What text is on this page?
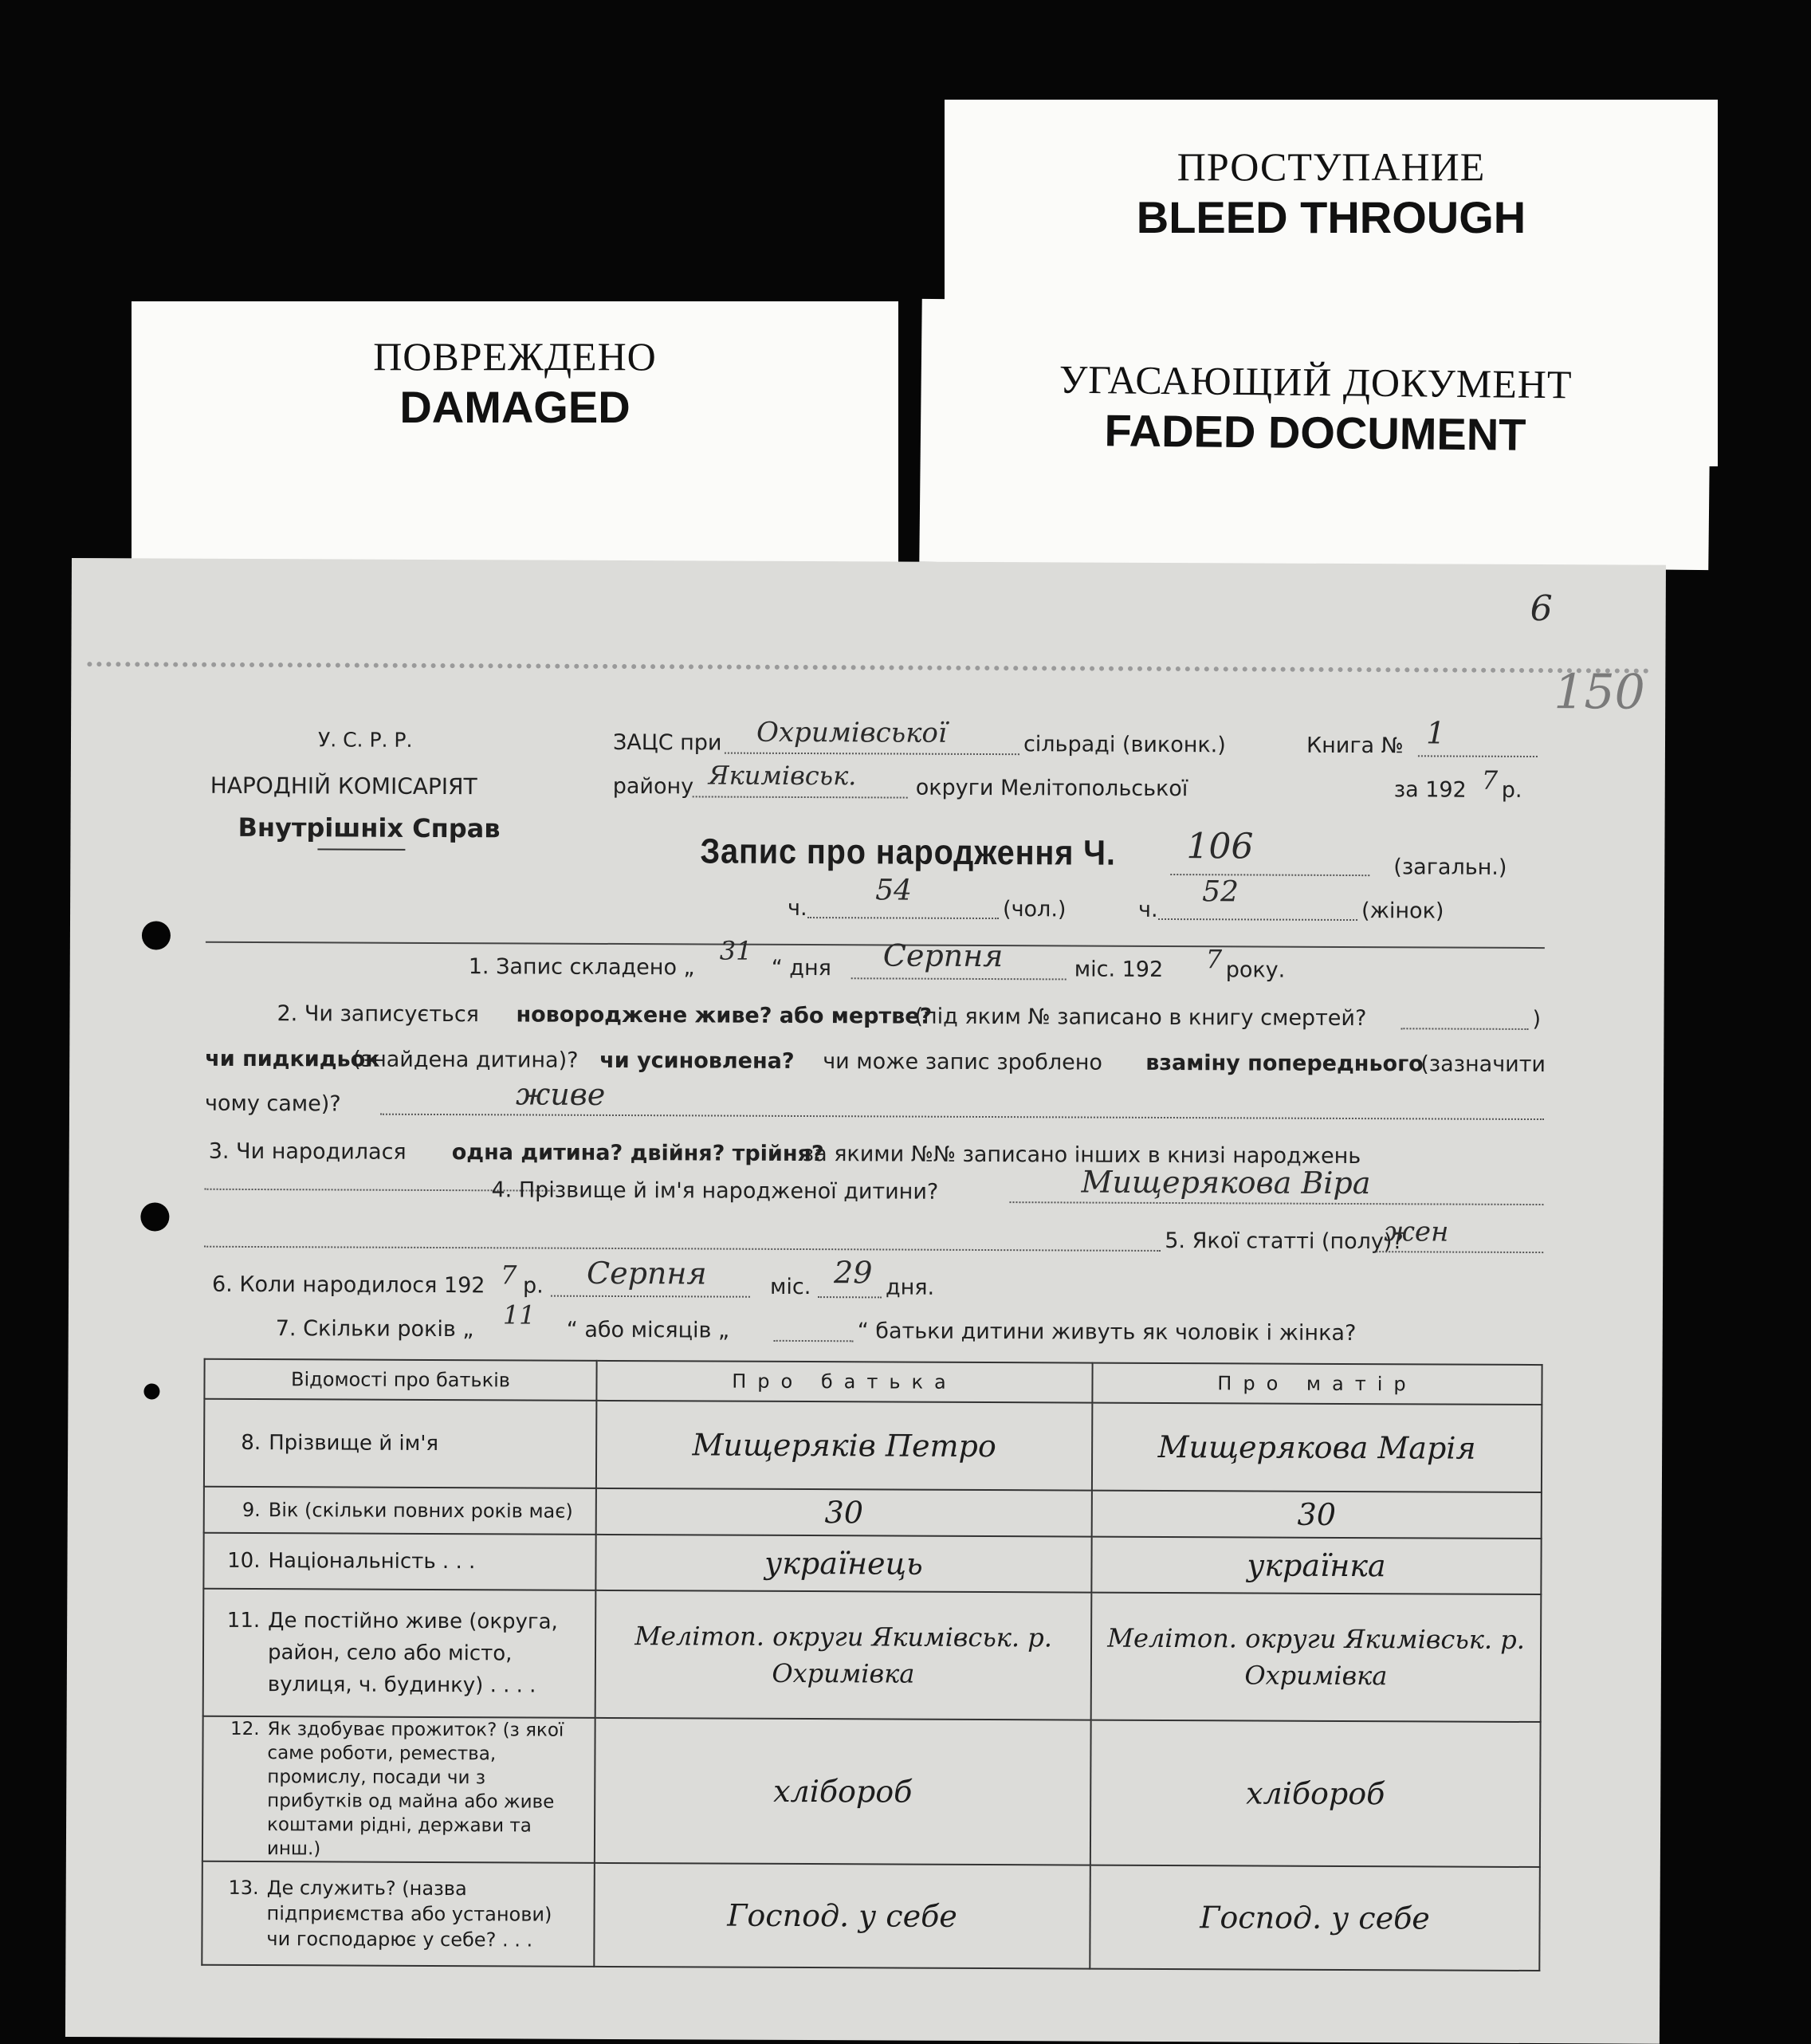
ПРОСТУПАНИЕ
BLEED THROUGH
ПОВРЕЖДЕНО
DAMAGED	УГАСАЮЩИЙ ДОКУМЕНТ
FADED DOCUMENT
6
150
У. С. Р. Р.
НАРОДНІЙ КОМІСАРІЯТ
Внутрішніх Справ
ЗАЦС при Охримівської	сільраді (виконк.)	Книга № 1
району Якимівськ.	округи Мелітопольської	за 192 7 р.
Запис про народження Ч. 106
(загальн.)
ч.
54
(чол.)	ч.
52
(жінок)
1. Запис складено „
31
“ дня Серпня	міс. 192 7 року.
2. Чи записується новороджене живе? або мертве?
(під яким № записано в книгу смертей?	)
чи пидкидьок
(знайдена дитина)? чи усиновлена? чи може запис зроблено взаміну попереднього
(зазначити
чому саме)?	живе
3. Чи народилася одна дитина? двійня? трійня?
за якими №№ записано інших в книзі народжень
4. Прізвище й ім'я народженої дитини?	Мищерякова Віра
5. Якої статті (полу)?
жен
6. Коли народилося 192 7 р. Серпня	міс. 29 дня.
7. Скільки років „ 11
“ або місяців „	“ батьки дитини живуть як чоловік і жінка?
Відомості про батьків	Про батька	Про матір
8. Прізвище й ім'я	Мищеряків Петро	Мищерякова Марія
9. Вік (скільки повних років має)	30	30
10. Національність . . .	українець	українка
11. Де постійно живе (округа, район, село або місто, вулиця, ч. будинку) . . . .	Мелітоп. округи Якимівськ. р. Охримівка	Мелітоп. округи Якимівськ. р. Охримівка
12. Як здобуває прожиток? (з якої саме роботи, ремества, промислу, посади чи з прибутків од майна або живе коштами рідні, держави та инш.)	хлібороб	хлібороб
13. Де служить? (назва підприємства або установи) чи господарює у себе? . . .	Господ. у себе	Господ. у себе
